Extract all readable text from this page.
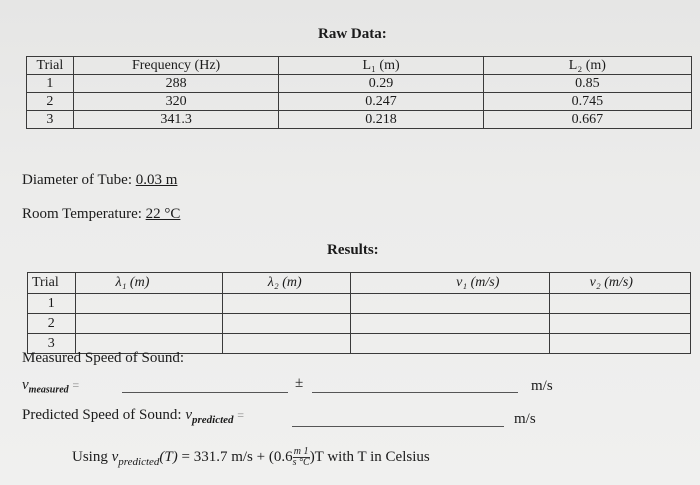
Raw Data:
Trial	Frequency (Hz)	L₁ (m)	L₂ (m)
1	288	0.29	0.85
2	320	0.247	0.745
3	341.3	0.218	0.667
Diameter of Tube: 0.03 m
Room Temperature: 22 °C
Results:
Trial	λ₁ (m)	λ₂ (m)	v₁ (m/s)	v₂ (m/s)
1				
2				
3				
Measured Speed of Sound:
$v_{measured}$ =	±	m/s
Predicted Speed of Sound: $v_{predicted}$ =	m/s
Using $v_{predicted}(T) = 331.7$ $m/s + (0.6 \frac{m 1}{s ^\circ C} )T$ with T in Celsius
